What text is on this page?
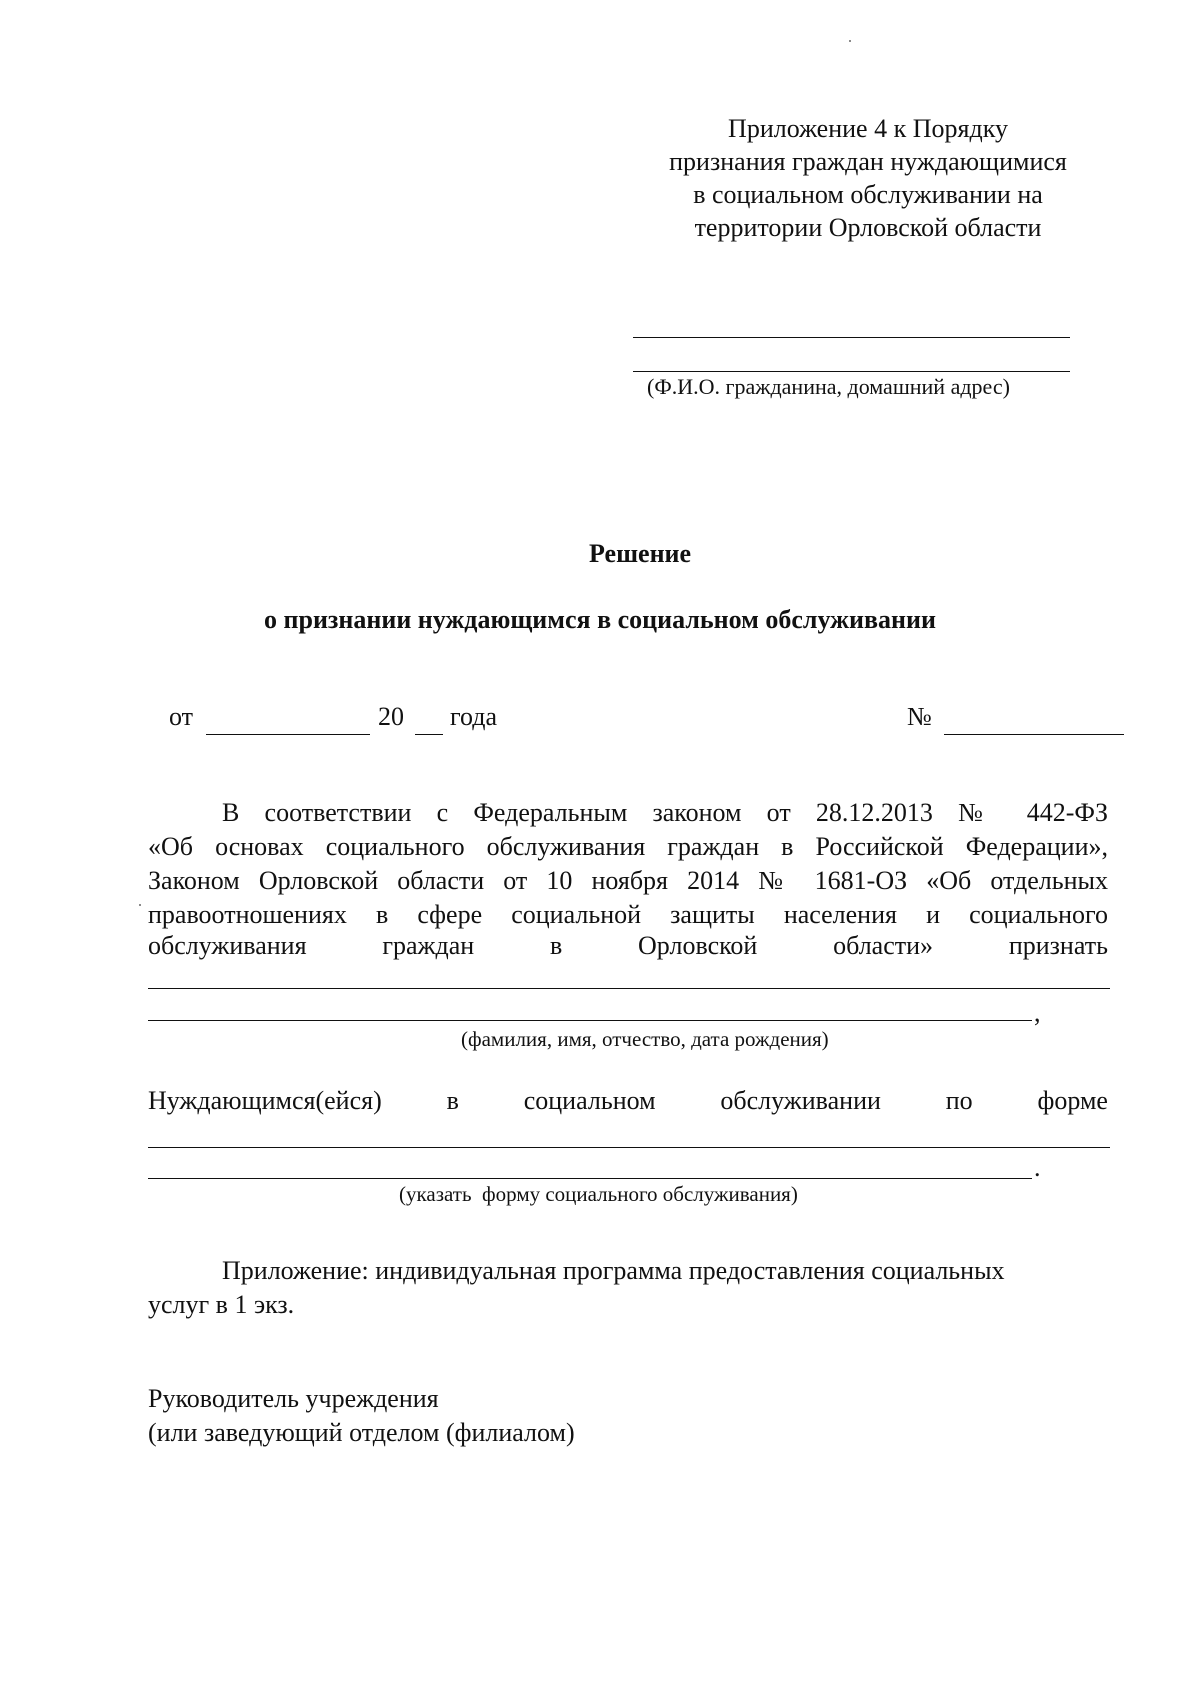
Приложение 4 к Порядку
признания граждан нуждающимися
в социальном обслуживании на
территории Орловской области
(Ф.И.О. гражданина, домашний адрес)
Решение
о признании нуждающимся в социальном обслуживании
от	20 года	№
В соответствии с Федеральным законом от 28.12.2013 № 442-ФЗ
«Об основах социального обслуживания граждан в Российской Федерации»,
Законом Орловской области от 10 ноября 2014 № 1681-ОЗ «Об отдельных
правоотношениях в сфере социальной защиты населения и социального
обслуживания	граждан	в	Орловской	области»	признать
,
(фамилия, имя, отчество, дата рождения)
Нуждающимся(ейся) в социальном обслуживании по форме
.
(указать  форму социального обслуживания)
Приложение: индивидуальная программа предоставления социальных
услуг в 1 экз.
Руководитель учреждения
(или заведующий отделом (филиалом)
